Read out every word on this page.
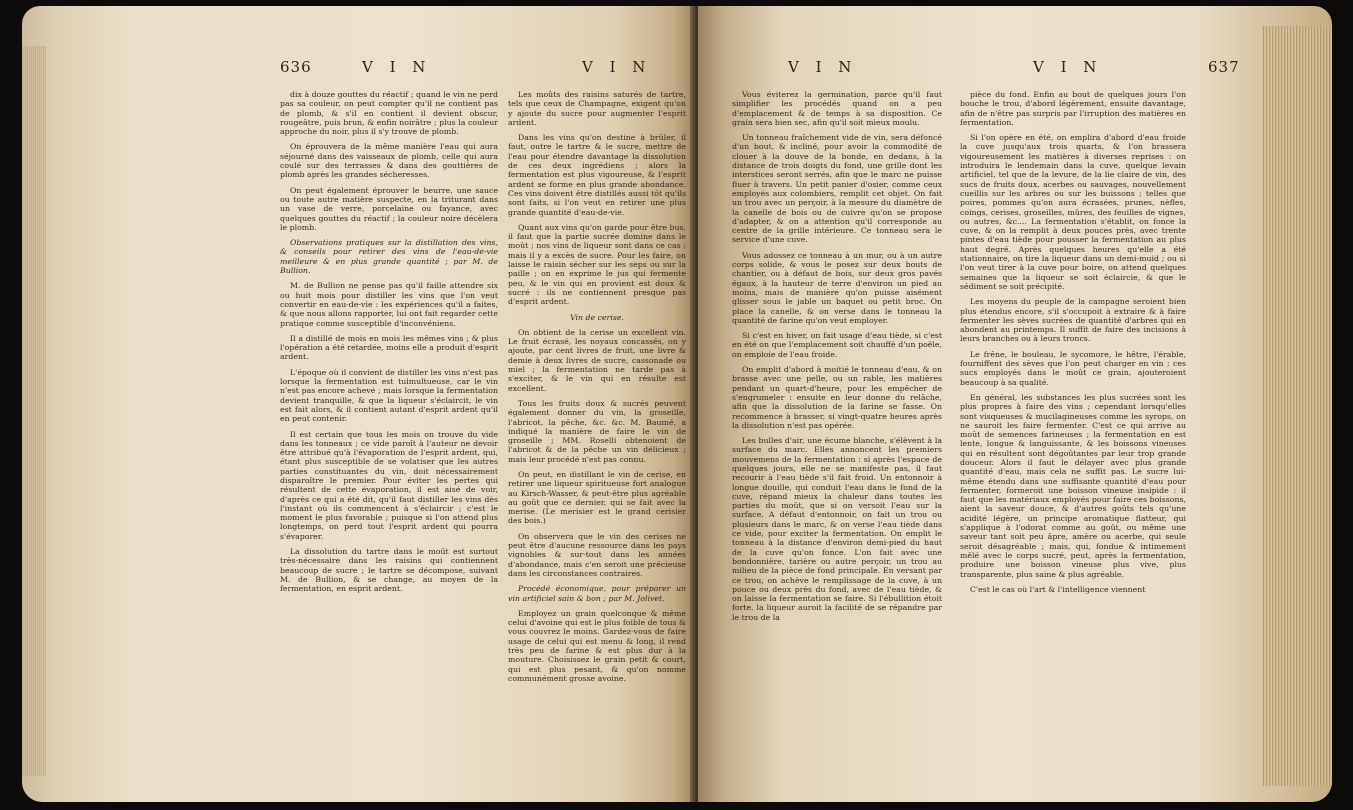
636	V I N	V I N

dix à douze gouttes du réactif ; quand le vin ne perd pas sa couleur, on peut compter qu'il ne contient pas de plomb, & s'il en contient il devient obscur, rougeâtre, puis brun, & enfin noirâtre ; plus la couleur approche du noir, plus il s'y trouve de plomb.

On éprouvera de la même manière l'eau qui aura séjourné dans des vaisseaux de plomb, celle qui aura coulé sur des terrasses & dans des gouttières de plomb après les grandes sécheresses.

On peut également éprouver le beurre, une sauce ou toute autre matière suspecte, en la triturant dans un vase de verre, porcelaine ou fayance, avec quelques gouttes du réactif ; la couleur noire décèlera le plomb.

Observations pratiques sur la distillation des vins, & conseils pour retirer des vins de l'eau-de-vie meilleure & en plus grande quantité ; par M. de Bullion.

M. de Bullion ne pense pas qu'il faille attendre six ou huit mois pour distiller les vins que l'on veut convertir en eau-de-vie : les expériences qu'il a faites, & que nous allons rapporter, lui ont fait regarder cette pratique comme susceptible d'inconvéniens.

Il a distillé de mois en mois les mêmes vins ; & plus l'opération a été retardée, moins elle a produit d'esprit ardent.

L'époque où il convient de distiller les vins n'est pas lorsque la fermentation est tulmultueuse, car le vin n'est pas encore achevé ; mais lorsque la fermentation devient tranquille, & que la liqueur s'éclaircit, le vin est fait alors, & il contient autant d'esprit ardent qu'il en peut contenir.

Il est certain que tous les mois on trouve du vide dans les tonneaux ; ce vide paroît à l'auteur ne devoir être attribué qu'à l'évaporation de l'esprit ardent, qui, étant plus susceptible de se volatiser que les autres parties constituantes du vin, doit nécessairement disparoître le premier. Pour éviter les pertes qui résultent de cette évaporation, il est aisé de voir, d'après ce qui a été dit, qu'il faut distiller les vins dès l'instant où ils commencent à s'éclaircir ; c'est le moment le plus favorable ; puisque si l'on attend plus longtemps, on perd tout l'esprit ardent qui pourra s'évaporer.

La dissolution du tartre dans le moût est surtout très-nécessaire dans les raisins qui contiennent beaucoup de sucre ; le tartre se décompose, suivant M. de Bullion, & se change, au moyen de la fermentation, en esprit ardent.

Les moûts des raisins saturés de tartre, tels que ceux de Champagne, exigent qu'on y ajoute du sucre pour augmenter l'esprit ardent.

Dans les vins qu'on destine à brûler, il faut, outre le tartre & le sucre, mettre de l'eau pour étendre davantage la dissolution de ces deux ingrédiens ; alors la fermentation est plus vigoureuse, & l'esprit ardent se forme en plus grande abondance. Ces vins doivent être distillés aussi tôt qu'ils sont faits, si l'on veut en retirer une plus grande quantité d'eau-de-vie.

Quant aux vins qu'on garde pour être bus, il faut que la partie sucrée domine dans le moût ; nos vins de liqueur sont dans ce cas ; mais il y a excès de sucre. Pour les faire, on laisse le raisin sécher sur les seps ou sur la paille ; on en exprime le jus qui fermente peu, & le vin qui en provient est doux & sucré : ils ne contiennent presque pas d'esprit ardent.

Vin de cerise.

On obtient de la cerise un excellent vin. Le fruit écrasé, les noyaux concassés, on y ajoute, par cent livres de fruit, une livre & demie à deux livres de sucre, cassonade ou miel ; la fermentation ne tarde pas à s'exciter, & le vin qui en résulte est excellent.

Tous les fruits doux & sucrés peuvent également donner du vin, la groseille, l'abricot, la pêche, &c. &c. M. Baumé, a indiqué la manière de faire le vin de groseille ; MM. Roselli obtenoient de l'abricot & de la pêche un vin délicieux ; mais leur procédé n'est pas connu.

On peut, en distillant le vin de cerise, en retirer une liqueur spiritueuse fort analogue au Kirsch-Wasser, & peut-être plus agréable au goût que ce dernier, qui se fait avec la merise. (Le merisier est le grand cerisier des bois.)

On observera que le vin des cerises ne peut être d'aucune ressource dans les pays vignobles & sur-tout dans les années d'abondance, mais c'en seroit une précieuse dans les circonstances contraires.

Procédé économique, pour préparer un vin artificiel sain & bon ; par M. Jolivet.

Employez un grain quelconque & même celui d'avoine qui est le plus foible de tous & vous couvrez le moins. Gardez-vous de faire usage de celui qui est menu & long, il rend très peu de farine & est plus dur à la mouture. Choisissez le grain petit & court, qui est plus pesant, & qu'on nomme communément grosse avoine.

V I N	V I N	637

Vous éviterez la germination, parce qu'il faut simplifier les procédés quand on a peu d'emplacement & de temps à sa disposition. Ce grain sera bien sec, afin qu'il soit mieux moulu.

Un tonneau fraîchement vide de vin, sera défoncé d'un bout, & incliné, pour avoir la commodité de clouer à la douve de la bonde, en dedans, à la distance de trois doigts du fond, une grille dont les interstices seront serrés, afin que le marc ne puisse fluer à travers. Un petit panier d'osier, comme ceux employés aux colombiers, remplit cet objet. On fait un trou avec un perçoir, à la mesure du diamètre de la canelle de bois ou de cuivre qu'on se propose d'adapter, & on a attention qu'il corresponde au centre de la grille intérieure. Ce tonneau sera le service d'une cuve.

Vous adossez ce tonneau à un mur, ou à un autre corps solide, & vous le posez sur deux bouts de chantier, ou à défaut de bois, sur deux gros pavés égaux, à la hauteur de terre d'environ un pied au moins, mais de manière qu'on puisse aisément glisser sous le jable un baquet ou petit broc. On place la canelle, & on verse dans le tonneau la quantité de farine qu'on veut employer.

Si c'est en hiver, on fait usage d'eau tiède, si c'est en été on que l'emplacement soit chauffé d'un poële, on emploie de l'eau froide.

On emplit d'abord à moitié le tonneau d'eau, & on brasse avec une pelle, ou un rable, les matières pendant un quart-d'heure, pour les empêcher de s'engrumeler : ensuite en leur donne du relâche, afin que la dissolution de la farine se fasse. On recommence à brasser, si vingt-quatre heures après la dissolution n'est pas opérée.

Les bulles d'air, une écume blanche, s'élèvent à la surface du marc. Elles annoncent les premiers mouvemens de la fermentation : si après l'espace de quelques jours, elle ne se manifeste pas, il faut recourir à l'eau tiède s'il fait froid. Un entonnoir à longue douille, qui conduit l'eau dans le fond de la cuve, répand mieux la chaleur dans toutes les parties du moût, que si on versoit l'eau sur la surface. A défaut d'entonnoir, on fait un trou ou plusieurs dans le marc, & on verse l'eau tiède dans ce vide, pour exciter la fermentation. On emplit le tonneau à la distance d'environ demi-pied du haut de la cuve qu'on fonce. L'on fait avec une bondonnière, tarière ou autre perçoir, un trou au milieu de la pièce de fond principale. En versant par ce trou, on achève le remplissage de la cuve, à un pouce ou deux près du fond, avec de l'eau tiède, & on laisse la fermentation se faire. Si l'ébullition étoit forte, la liqueur auroit la facilité de se répandre par le trou de la

pièce du fond. Enfin au bout de quelques jours l'on bouche le trou, d'abord légèrement, ensuite davantage, afin de n'être pas surpris par l'irruption des matières en fermentation.

Si l'on opère en été, on emplira d'abord d'eau froide la cuve jusqu'aux trois quarts, & l'on brassera vigoureusement les matières à diverses reprises : on introduira le lendemain dans la cuve, quelque levain artificiel, tel que de la levure, de la lie claire de vin, des sucs de fruits doux, acerbes ou sauvages, nouvellement cueillis sur les arbres ou sur les buissons ; telles que poires, pommes qu'on aura écrasées, prunes, nèfles, coings, cerises, groseilles, mûres, des feuilles de vignes, ou autres, &c.... La fermentation s'établit, on fonce la cuve, & on la remplit à deux pouces près, avec trente pintes d'eau tiède pour pousser la fermentation au plus haut degré. Après quelques heures qu'elle a été stationnaire, on tire la liqueur dans un demi-muid ; ou si l'on veut tirer à la cuve pour boire, on attend quelques semaines que la liqueur se soit éclaircie, & que le sédiment se soit précipité.

Les moyens du peuple de la campagne seroient bien plus étendus encore, s'il s'occupoit à extraire & à faire fermenter les sèves sucrées de quantité d'arbres qui en abondent au printemps. Il suffit de faire des incisions à leurs branches ou à leurs troncs.

Le frêne, le bouleau, le sycomore, le hêtre, l'érable, fourniffent des sèves que l'on peut charger en vin ; ces sucs employés dans le moût ce grain, ajouteroient beaucoup à sa qualité.

En général, les substances les plus sucrées sont les plus propres à faire des vins ; cependant lorsqu'elles sont visqueuses & mucilagineuses comme les syrops, on ne sauroit les faire fermenter. C'est ce qui arrive au moût de semences farineuses ; la fermentation en est lente, longue & languissante, & les boissons vineuses qui en résultent sont dégoûtantes par leur trop grande douceur. Alors il faut le délayer avec plus grande quantité d'eau, mais cela ne suffit pas. Le sucre lui-même étendu dans une suffisante quantité d'eau pour fermenter, formeroit une boisson vineuse insipide : il faut que les matériaux employés pour faire ces boissons, aient la saveur douce, & d'autres goûts tels qu'une acidité légère, un principe aromatique flatteur, qui s'applique à l'odorat comme au goût, ou même une saveur tant soit peu âpre, amère ou acerbe, qui seule seroit désagréable ; mais, qui, fondue & intimement mêlé avec le corps sucré, peut, après la fermentation, produire une boisson vineuse plus vive, plus transparente, plus saine & plus agréable.

C'est le cas où l'art & l'intelligence viennent
